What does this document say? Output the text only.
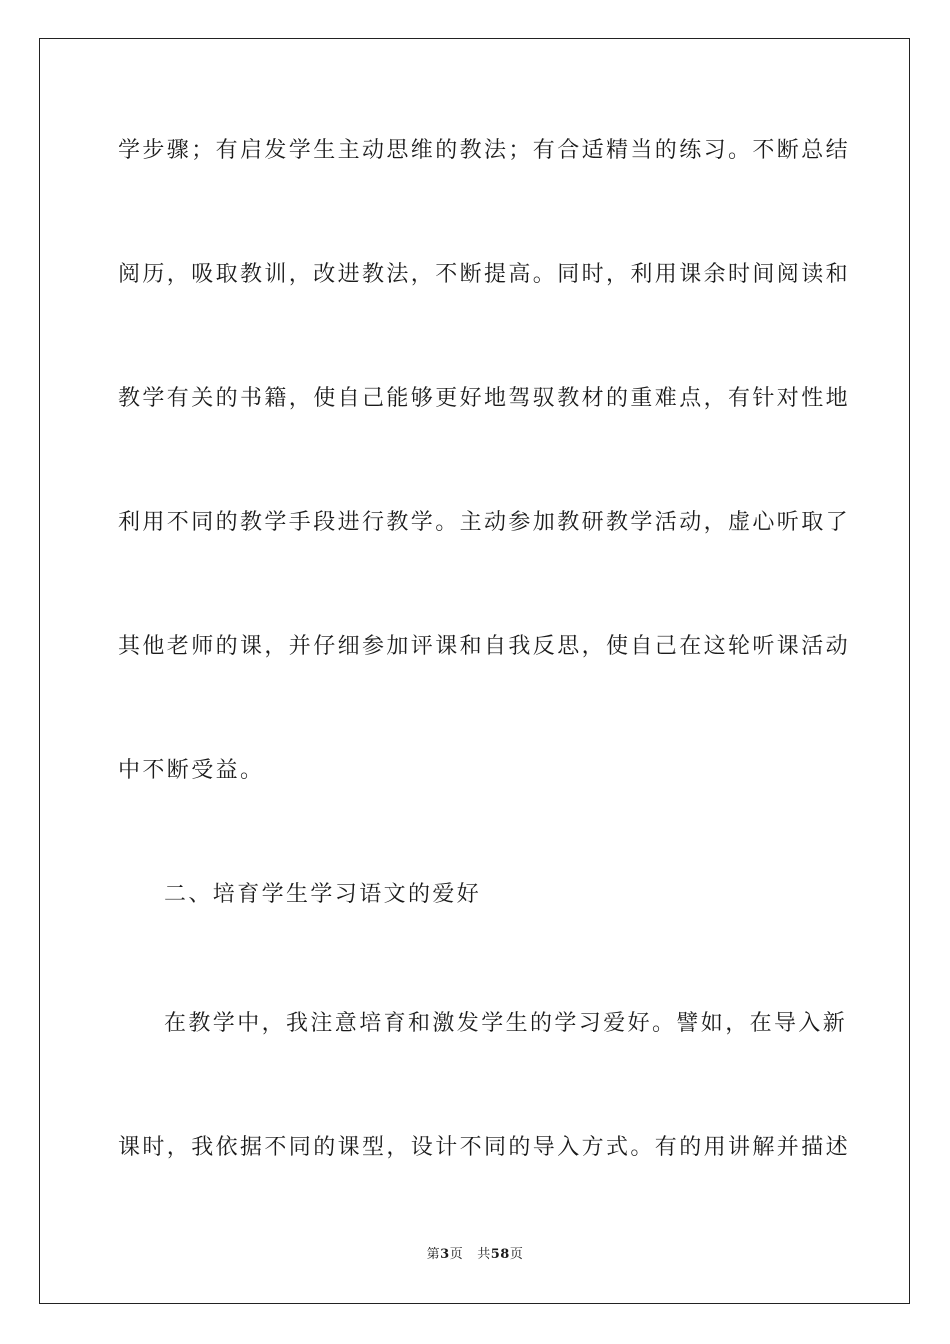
学步骤；有启发学生主动思维的教法；有合适精当的练习。不断总结
阅历，吸取教训，改进教法，不断提高。同时，利用课余时间阅读和
教学有关的书籍，使自己能够更好地驾驭教材的重难点，有针对性地
利用不同的教学手段进行教学。主动参加教研教学活动，虚心听取了
其他老师的课，并仔细参加评课和自我反思，使自己在这轮听课活动
中不断受益。
二、培育学生学习语文的爱好
在教学中，我注意培育和激发学生的学习爱好。譬如，在导入新
课时，我依据不同的课型，设计不同的导入方式。有的用讲解并描述
第3页 共58页
